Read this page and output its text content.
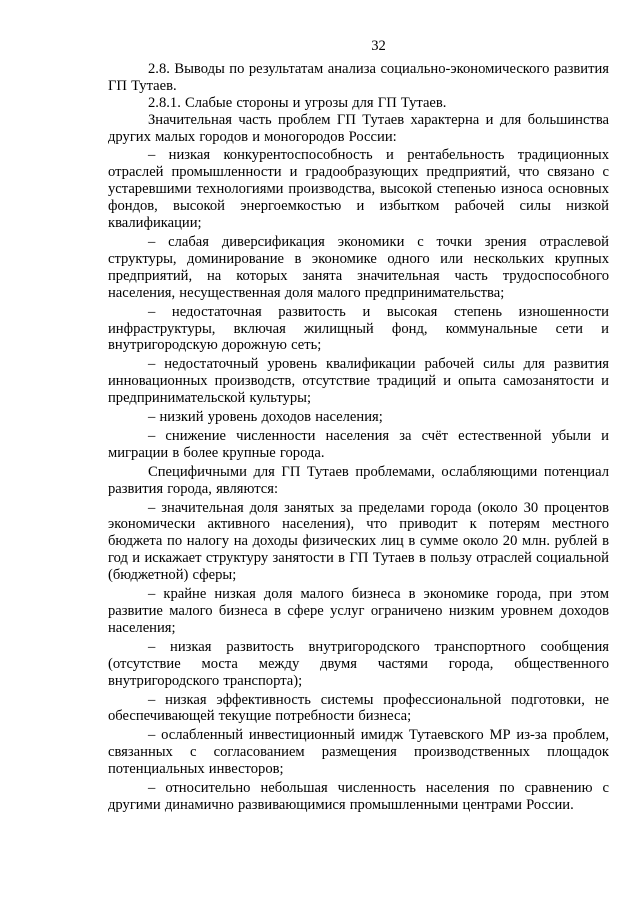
32

2.8. Выводы по результатам анализа социально-экономического развития ГП Тутаев.

2.8.1. Слабые стороны и угрозы для ГП Тутаев.

Значительная часть проблем ГП Тутаев характерна и для большинства других малых городов и моногородов России:

– низкая конкурентоспособность и рентабельность традиционных отраслей промышленности и градообразующих предприятий, что связано с устаревшими технологиями производства, высокой степенью износа основных фондов, высокой энергоемкостью и избытком рабочей силы низкой квалификации;

– слабая диверсификация экономики с точки зрения отраслевой структуры, доминирование в экономике одного или нескольких крупных предприятий, на которых занята значительная часть трудоспособного населения, несущественная доля малого предпринимательства;

– недостаточная развитость и высокая степень изношенности инфраструктуры, включая жилищный фонд, коммунальные сети и внутригородскую дорожную сеть;

– недостаточный уровень квалификации рабочей силы для развития инновационных производств, отсутствие традиций и опыта самозанятости и предпринимательской культуры;

– низкий уровень доходов населения;

– снижение численности населения за счёт естественной убыли и миграции в более крупные города.

Специфичными для ГП Тутаев проблемами, ослабляющими потенциал развития города, являются:

– значительная доля занятых за пределами города (около 30 процентов экономически активного населения), что приводит к потерям местного бюджета по налогу на доходы физических лиц в сумме около 20 млн. рублей в год и искажает структуру занятости в ГП Тутаев в пользу отраслей социальной (бюджетной) сферы;

– крайне низкая доля малого бизнеса в экономике города, при этом развитие малого бизнеса в сфере услуг ограничено низким уровнем доходов населения;

– низкая развитость внутригородского транспортного сообщения (отсутствие моста между двумя частями города, общественного внутригородского транспорта);

– низкая эффективность системы профессиональной подготовки, не обеспечивающей текущие потребности бизнеса;

– ослабленный инвестиционный имидж Тутаевского МР из-за проблем, связанных с согласованием размещения производственных площадок потенциальных инвесторов;

– относительно небольшая численность населения по сравнению с другими динамично развивающимися промышленными центрами России.
